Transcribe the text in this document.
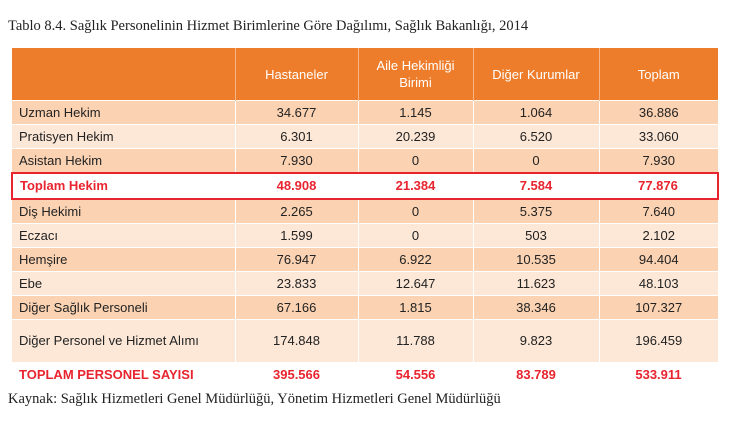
Tablo 8.4. Sağlık Personelinin Hizmet Birimlerine Göre Dağılımı, Sağlık Bakanlığı, 2014
	Hastaneler	Aile Hekimliği Birimi	Diğer Kurumlar	Toplam
Uzman Hekim	34.677	1.145	1.064	36.886
Pratisyen Hekim	6.301	20.239	6.520	33.060
Asistan Hekim	7.930	0	0	7.930
Toplam Hekim	48.908	21.384	7.584	77.876
Diş Hekimi	2.265	0	5.375	7.640
Eczacı	1.599	0	503	2.102
Hemşire	76.947	6.922	10.535	94.404
Ebe	23.833	12.647	11.623	48.103
Diğer Sağlık Personeli	67.166	1.815	38.346	107.327
Diğer Personel ve Hizmet Alımı	174.848	11.788	9.823	196.459
TOPLAM PERSONEL SAYISI	395.566	54.556	83.789	533.911
Kaynak: Sağlık Hizmetleri Genel Müdürlüğü, Yönetim Hizmetleri Genel Müdürlüğü
